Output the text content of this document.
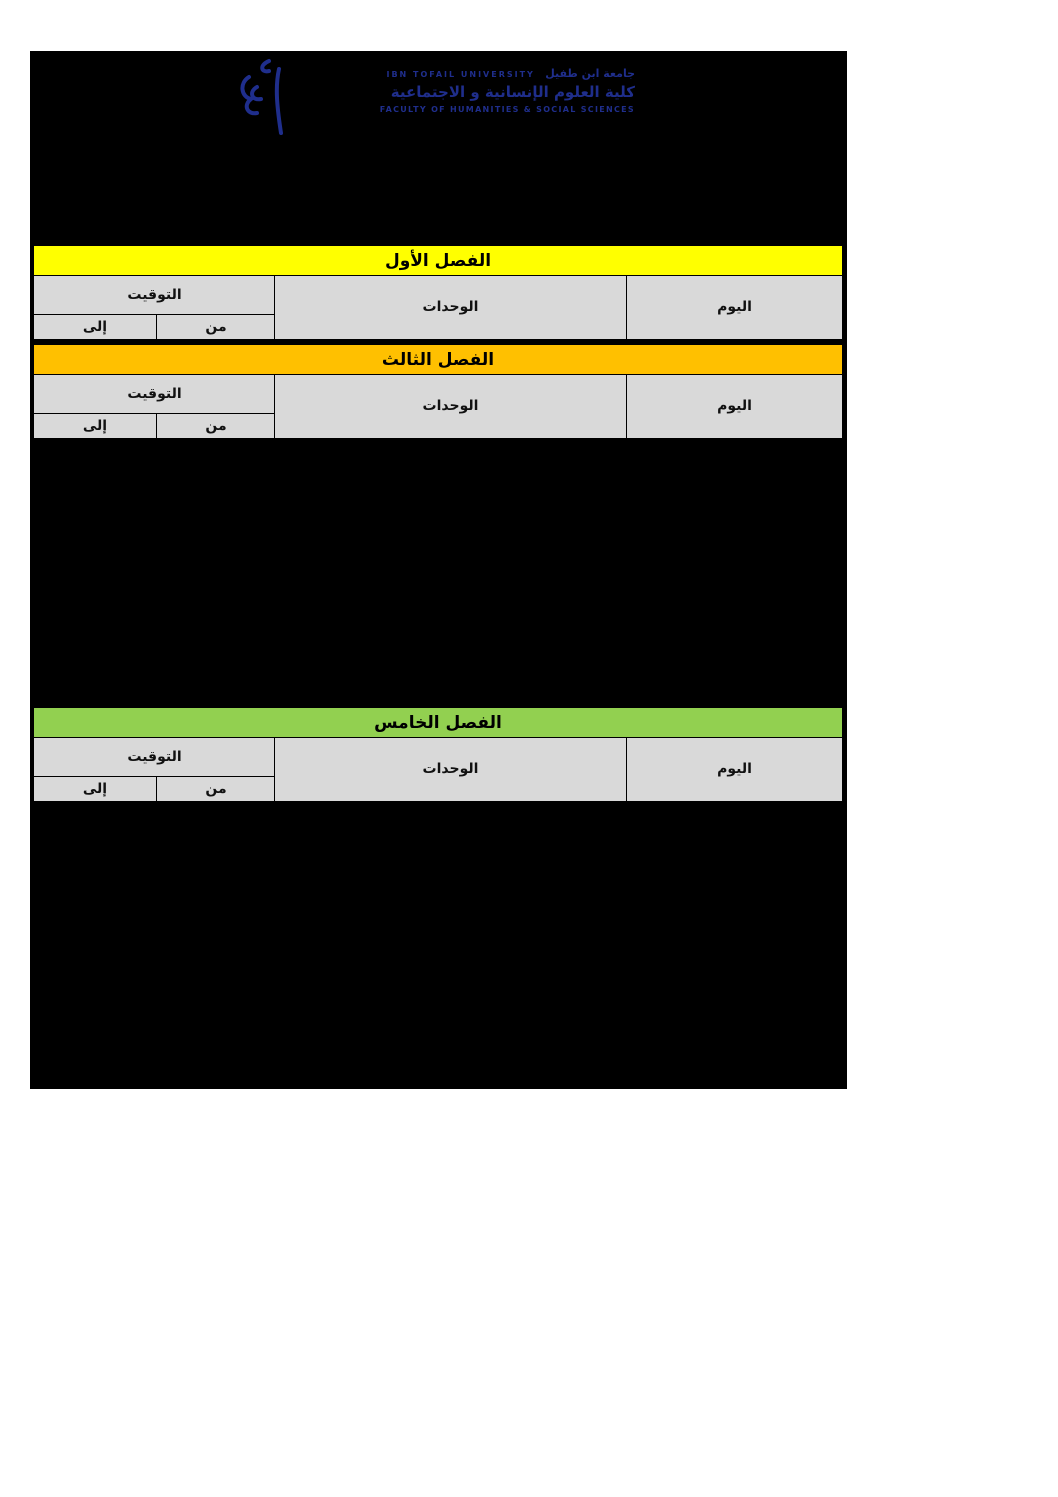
IBN TOFAIL UNIVERSITY جامعة ابن طفيل
كلية العلوم الإنسانية و الاجتماعية
FACULTY OF HUMANITIES & SOCIAL SCIENCES
الفصل الأول
اليوم
الوحدات
التوقيت
من
إلى
الفصل الثالث
اليوم
الوحدات
التوقيت
من
إلى
الفصل الخامس
اليوم
الوحدات
التوقيت
من
إلى
